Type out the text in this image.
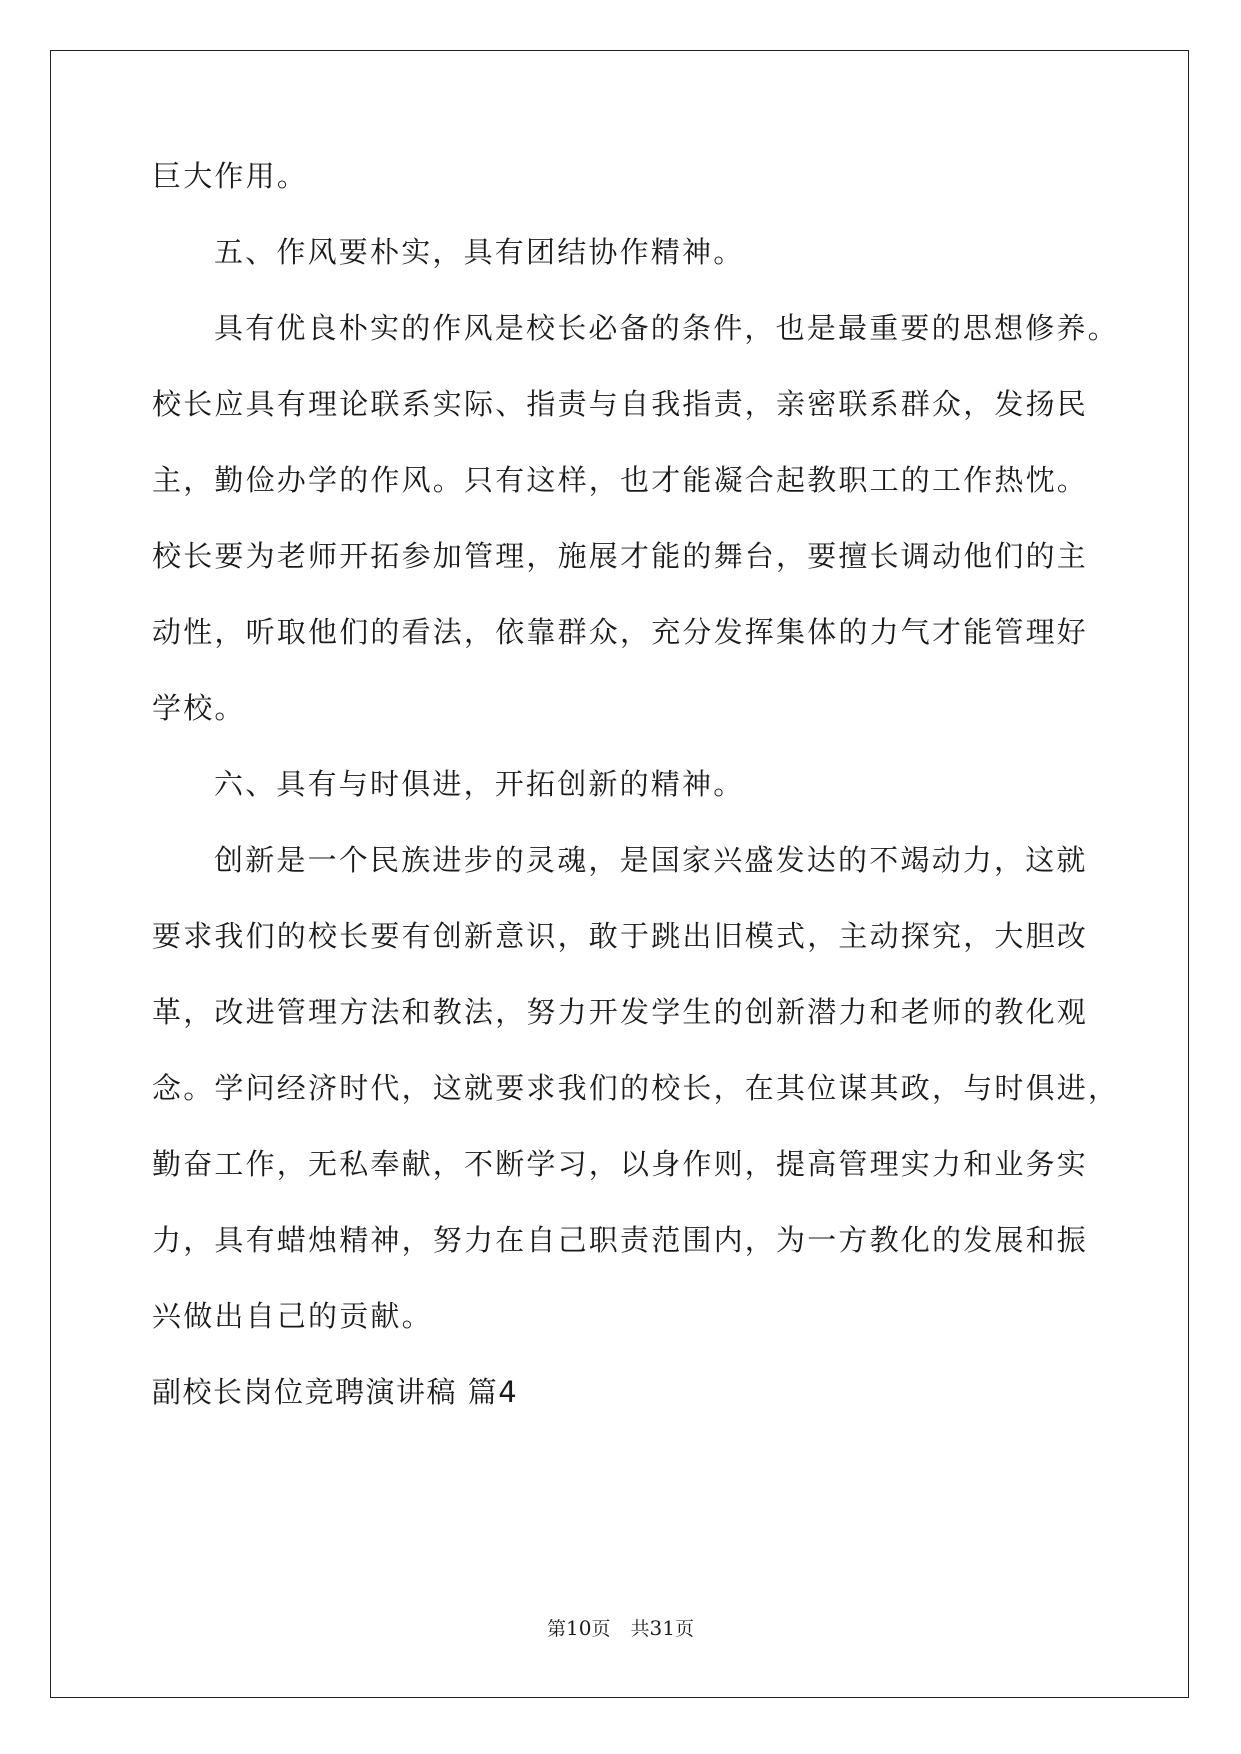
巨大作用。
五、作风要朴实，具有团结协作精神。
具有优良朴实的作风是校长必备的条件，也是最重要的思想修养。
校长应具有理论联系实际、指责与自我指责，亲密联系群众，发扬民
主，勤俭办学的作风。只有这样，也才能凝合起教职工的工作热忱。
校长要为老师开拓参加管理，施展才能的舞台，要擅长调动他们的主
动性，听取他们的看法，依靠群众，充分发挥集体的力气才能管理好
学校。
六、具有与时俱进，开拓创新的精神。
创新是一个民族进步的灵魂，是国家兴盛发达的不竭动力，这就
要求我们的校长要有创新意识，敢于跳出旧模式，主动探究，大胆改
革，改进管理方法和教法，努力开发学生的创新潜力和老师的教化观
念。学问经济时代，这就要求我们的校长，在其位谋其政，与时俱进，
勤奋工作，无私奉献，不断学习，以身作则，提高管理实力和业务实
力，具有蜡烛精神，努力在自己职责范围内，为一方教化的发展和振
兴做出自己的贡献。
副校长岗位竞聘演讲稿 篇4
第10页 共31页
